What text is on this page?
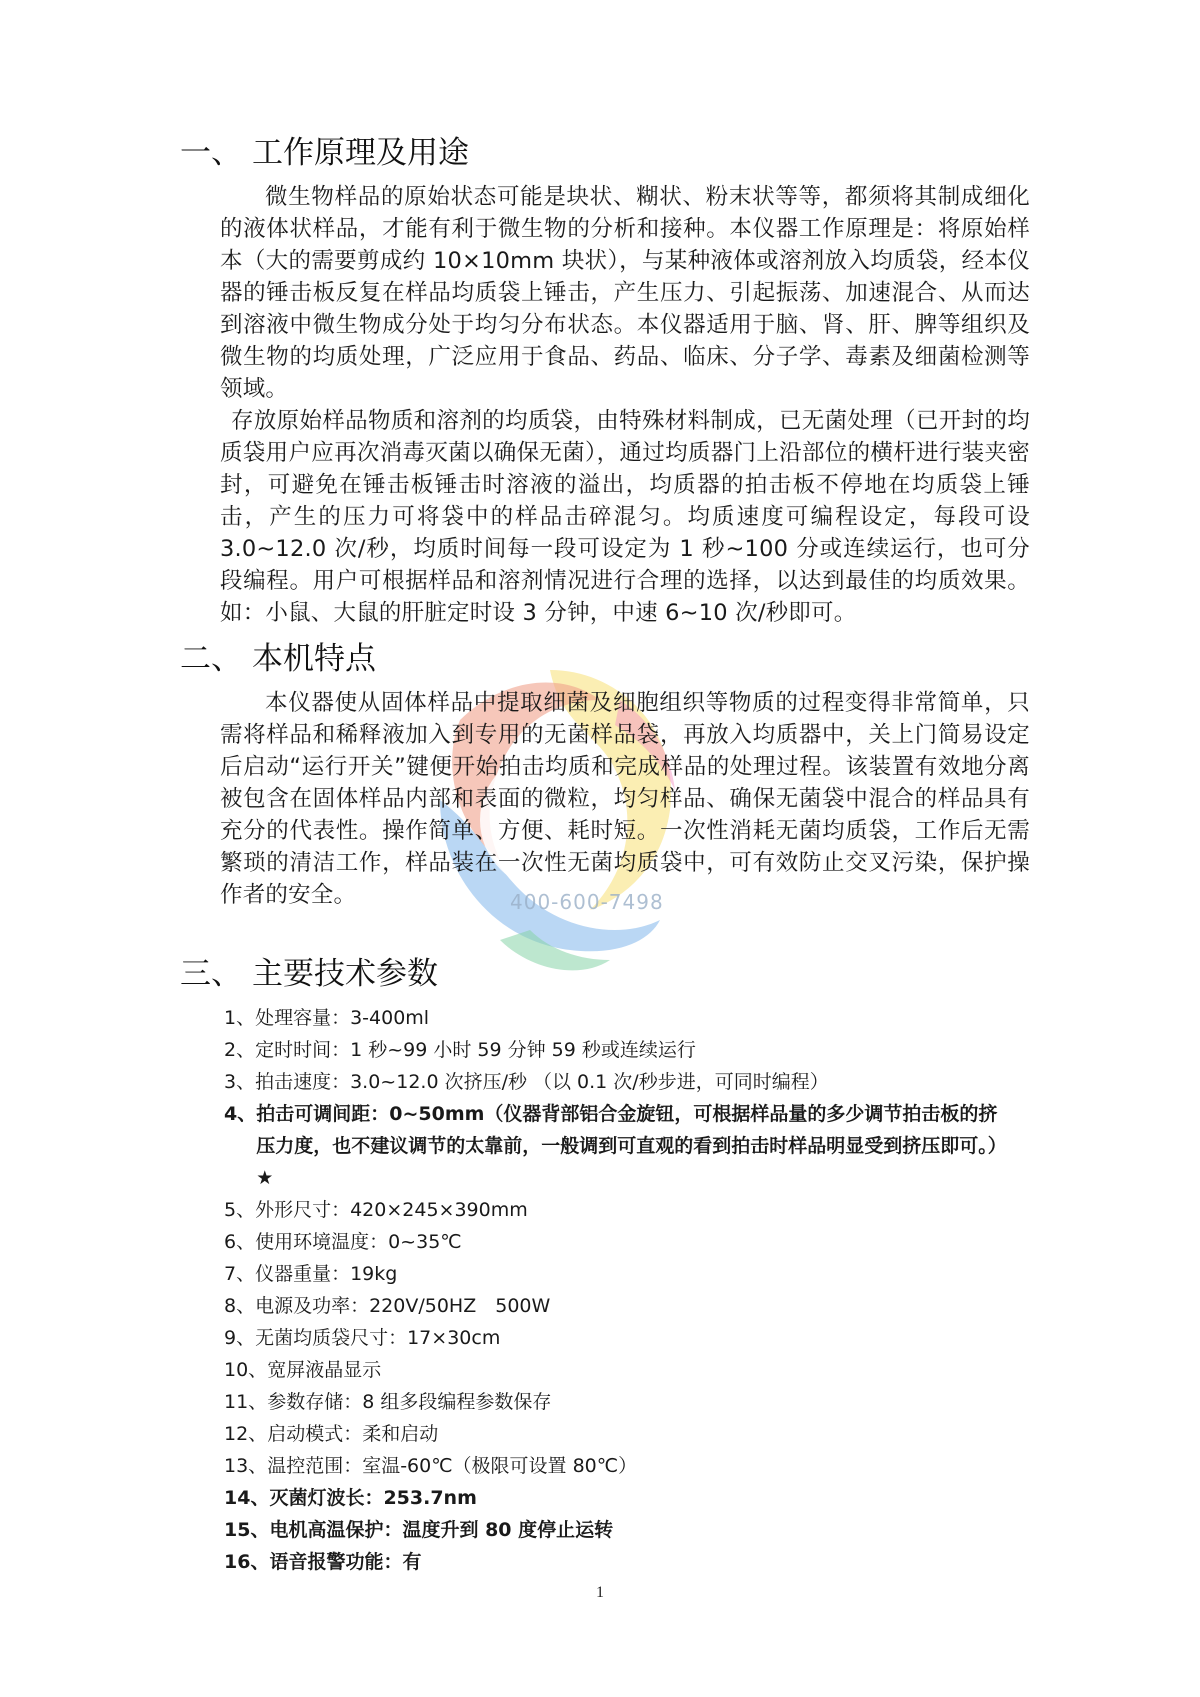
400-600-7498
一、 工作原理及用途

微生物样品的原始状态可能是块状、糊状、粉末状等等，都须将其制成细化的液体状样品，才能有利于微生物的分析和接种。本仪器工作原理是：将原始样本（大的需要剪成约 10×10mm 块状），与某种液体或溶剂放入均质袋，经本仪器的锤击板反复在样品均质袋上锤击，产生压力、引起振荡、加速混合、从而达到溶液中微生物成分处于均匀分布状态。本仪器适用于脑、肾、肝、脾等组织及微生物的均质处理，广泛应用于食品、药品、临床、分子学、毒素及细菌检测等领域。

存放原始样品物质和溶剂的均质袋，由特殊材料制成，已无菌处理（已开封的均质袋用户应再次消毒灭菌以确保无菌），通过均质器门上沿部位的横杆进行装夹密封，可避免在锤击板锤击时溶液的溢出，均质器的拍击板不停地在均质袋上锤击，产生的压力可将袋中的样品击碎混匀。均质速度可编程设定，每段可设 3.0~12.0 次/秒，均质时间每一段可设定为 1 秒~100 分或连续运行，也可分段编程。用户可根据样品和溶剂情况进行合理的选择，以达到最佳的均质效果。如：小鼠、大鼠的肝脏定时设 3 分钟，中速 6~10 次/秒即可。

二、 本机特点

本仪器使从固体样品中提取细菌及细胞组织等物质的过程变得非常简单，只需将样品和稀释液加入到专用的无菌样品袋，再放入均质器中，关上门简易设定后启动“运行开关”键便开始拍击均质和完成样品的处理过程。该装置有效地分离被包含在固体样品内部和表面的微粒，均匀样品、确保无菌袋中混合的样品具有充分的代表性。操作简单、方便、耗时短。一次性消耗无菌均质袋，工作后无需繁琐的清洁工作，样品装在一次性无菌均质袋中，可有效防止交叉污染，保护操作者的安全。

三、 主要技术参数
1、 处理容量：3-400ml
2、 定时时间：1 秒~99 小时 59 分钟 59 秒或连续运行
3、 拍击速度：3.0~12.0 次挤压/秒 （以 0.1 次/秒步进，可同时编程）
4、 拍击可调间距：0~50mm（仪器背部铝合金旋钮，可根据样品量的多少调节拍击板的挤压力度，也不建议调节的太靠前，一般调到可直观的看到拍击时样品明显受到挤压即可。）★
5、 外形尺寸：420×245×390mm
6、 使用环境温度：0~35℃
7、 仪器重量：19kg
8、 电源及功率：220V/50HZ　500W
9、 无菌均质袋尺寸：17×30cm
10、 宽屏液晶显示
11、 参数存储：8 组多段编程参数保存
12、 启动模式：柔和启动
13、 温控范围：室温-60℃（极限可设置 80℃）
14、 灭菌灯波长：253.7nm
15、 电机高温保护：温度升到 80 度停止运转
16、 语音报警功能：有
1
